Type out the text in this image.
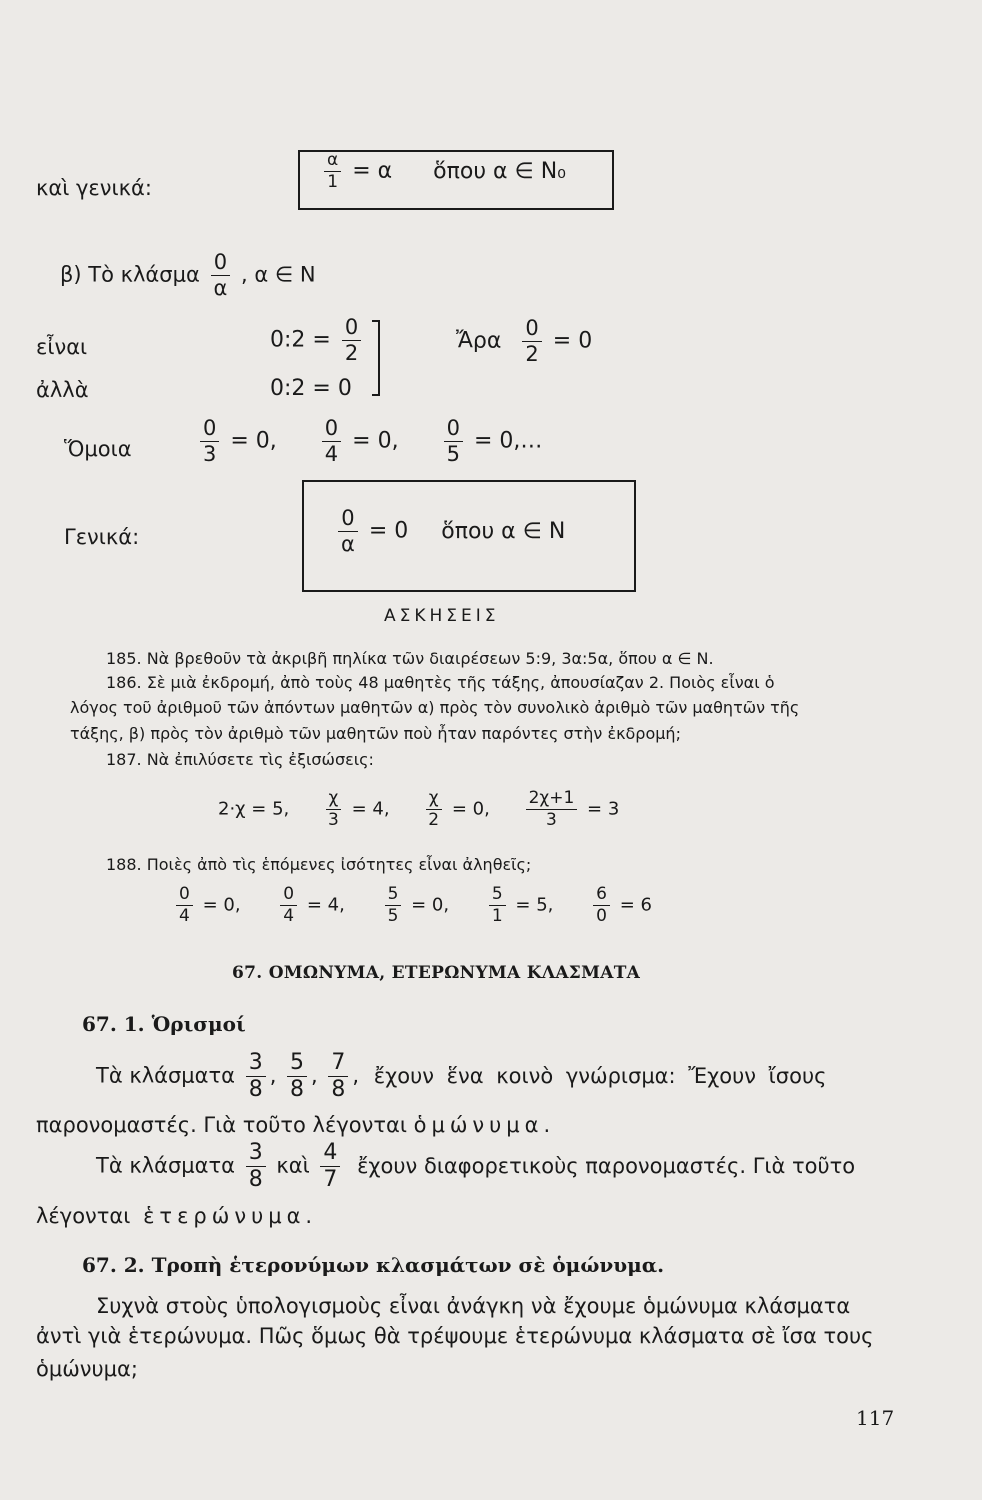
καὶ γενικά:	$\frac{\alpha}{1} = \alpha$ ὅπου α ∈ N₀
β) Τὸ κλάσμα $\frac{0}{\alpha}$ , α ∈ N
εἶναι	0:2 = $\frac{0}{2}$
ἀλλὰ	0:2 = 0
Ἄρα $\frac{0}{2} = 0$
Ὅμοια	$\frac{0}{3} = 0$, $\frac{0}{4} = 0$, $\frac{0}{5}$ = 0,…
Γενικά:	$\frac{0}{\alpha} = 0$ ὅπου α ∈ N
ΑΣΚΗΣΕΙΣ
185. Νὰ βρεθοῦν τὰ ἀκριβῆ πηλίκα τῶν διαιρέσεων 5:9, 3α:5α, ὅπου α ∈ N.
186. Σὲ μιὰ ἐκδρομή, ἀπὸ τοὺς 48 μαθητὲς τῆς τάξης, ἀπουσίαζαν 2. Ποιὸς εἶναι ὁ
λόγος τοῦ ἀριθμοῦ τῶν ἀπόντων μαθητῶν α) πρὸς τὸν συνολικὸ ἀριθμὸ τῶν μαθητῶν τῆς
τάξης, β) πρὸς τὸν ἀριθμὸ τῶν μαθητῶν ποὺ ἦταν παρόντες στὴν ἐκδρομή;
187. Νὰ ἐπιλύσετε τὶς ἐξισώσεις:
2·χ = 5, $\frac{\chi}{3} = 4$, $\frac{\chi}{2} = 0$, $\frac{2\chi+1}{3} = 3$
188. Ποιὲς ἀπὸ τὶς ἑπόμενες ἰσότητες εἶναι ἀληθεῖς;
$\frac{0}{4} = 0$, $\frac{0}{4} = 4$, $\frac{5}{5} = 0$, $\frac{5}{1} = 5$, $\frac{6}{0} = 6$
67. ΟΜΩΝΥΜΑ, ΕΤΕΡΩΝΥΜΑ ΚΛΑΣΜΑΤΑ
67. 1. Ὁρισμοί
Τὰ κλάσματα $\frac{3}{8}$ , $\frac{5}{8}$ , $\frac{7}{8}$ , ἔχουν ἕνα κοινὸ γνώρισμα: Ἔχουν ἴσους
παρονομαστές. Γιὰ τοῦτο λέγονται ὁμώνυμα.
Τὰ κλάσματα $\frac{3}{8}$ καὶ $\frac{4}{7}$ ἔχουν διαφορετικοὺς παρονομαστές. Γιὰ τοῦτο
λέγονται ἑτερώνυμα.
67. 2. Τροπὴ ἑτερονύμων κλασμάτων σὲ ὁμώνυμα.
Συχνὰ στοὺς ὑπολογισμοὺς εἶναι ἀνάγκη νὰ ἔχουμε ὁμώνυμα κλάσματα
ἀντὶ γιὰ ἑτερώνυμα. Πῶς ὅμως θὰ τρέψουμε ἑτερώνυμα κλάσματα σὲ ἴσα τους
ὁμώνυμα;
117
